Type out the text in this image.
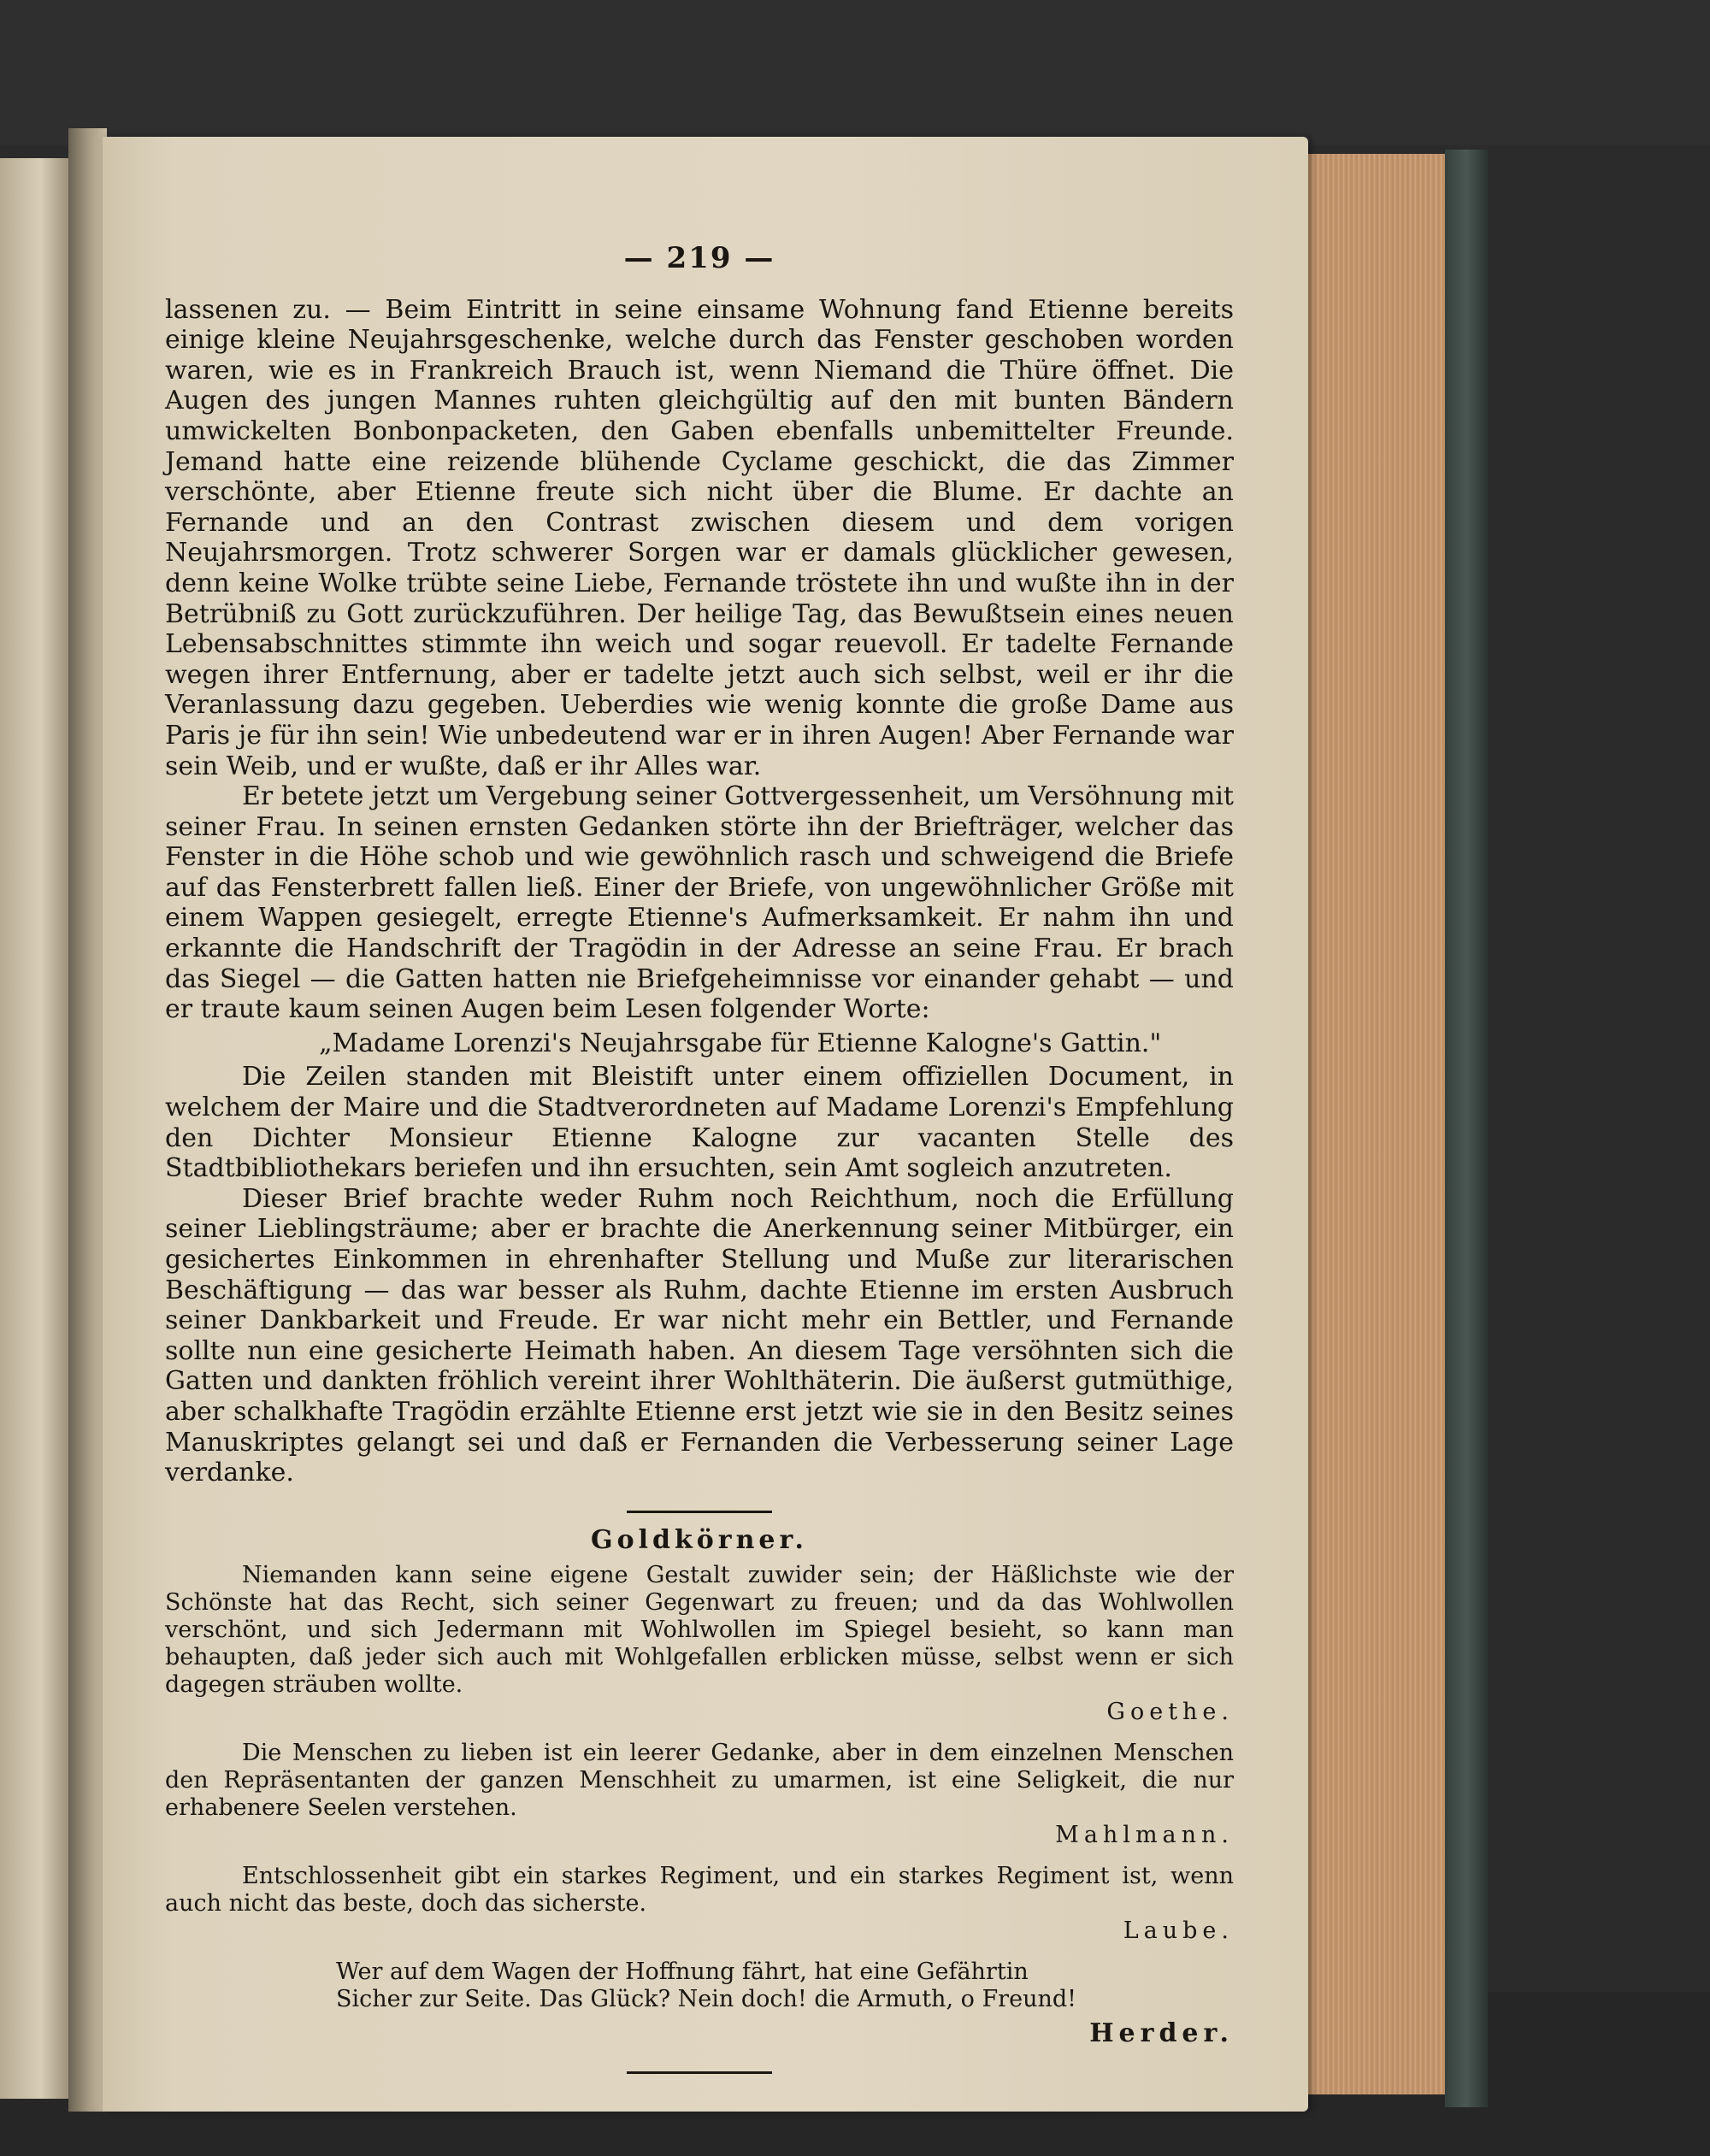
— 219 —

lassenen zu. — Beim Eintritt in seine einsame Wohnung fand Etienne bereits einige kleine Neujahrsgeschenke, welche durch das Fenster geschoben worden waren, wie es in Frankreich Brauch ist, wenn Niemand die Thüre öffnet. Die Augen des jungen Mannes ruhten gleichgültig auf den mit bunten Bändern umwickelten Bonbonpacketen, den Gaben ebenfalls unbemittelter Freunde. Jemand hatte eine reizende blühende Cyclame geschickt, die das Zimmer verschönte, aber Etienne freute sich nicht über die Blume. Er dachte an Fernande und an den Contrast zwischen diesem und dem vorigen Neujahrsmorgen. Trotz schwerer Sorgen war er damals glücklicher gewesen, denn keine Wolke trübte seine Liebe, Fernande tröstete ihn und wußte ihn in der Betrübniß zu Gott zurückzuführen. Der heilige Tag, das Bewußtsein eines neuen Lebensabschnittes stimmte ihn weich und sogar reuevoll. Er tadelte Fernande wegen ihrer Entfernung, aber er tadelte jetzt auch sich selbst, weil er ihr die Veranlassung dazu gegeben. Ueberdies wie wenig konnte die große Dame aus Paris je für ihn sein! Wie unbedeutend war er in ihren Augen! Aber Fernande war sein Weib, und er wußte, daß er ihr Alles war.

Er betete jetzt um Vergebung seiner Gottvergessenheit, um Versöhnung mit seiner Frau. In seinen ernsten Gedanken störte ihn der Briefträger, welcher das Fenster in die Höhe schob und wie gewöhnlich rasch und schweigend die Briefe auf das Fensterbrett fallen ließ. Einer der Briefe, von ungewöhnlicher Größe mit einem Wappen gesiegelt, erregte Etienne's Aufmerksamkeit. Er nahm ihn und erkannte die Handschrift der Tragödin in der Adresse an seine Frau. Er brach das Siegel — die Gatten hatten nie Briefgeheimnisse vor einander gehabt — und er traute kaum seinen Augen beim Lesen folgender Worte:

„Madame Lorenzi's Neujahrsgabe für Etienne Kalogne's Gattin."

Die Zeilen standen mit Bleistift unter einem offiziellen Document, in welchem der Maire und die Stadtverordneten auf Madame Lorenzi's Empfehlung den Dichter Monsieur Etienne Kalogne zur vacanten Stelle des Stadtbibliothekars beriefen und ihn ersuchten, sein Amt sogleich anzutreten.

Dieser Brief brachte weder Ruhm noch Reichthum, noch die Erfüllung seiner Lieblingsträume; aber er brachte die Anerkennung seiner Mitbürger, ein gesichertes Einkommen in ehrenhafter Stellung und Muße zur literarischen Beschäftigung — das war besser als Ruhm, dachte Etienne im ersten Ausbruch seiner Dankbarkeit und Freude. Er war nicht mehr ein Bettler, und Fernande sollte nun eine gesicherte Heimath haben. An diesem Tage versöhnten sich die Gatten und dankten fröhlich vereint ihrer Wohlthäterin. Die äußerst gutmüthige, aber schalkhafte Tragödin erzählte Etienne erst jetzt wie sie in den Besitz seines Manuskriptes gelangt sei und daß er Fernanden die Verbesserung seiner Lage verdanke.

Goldkörner.

Niemanden kann seine eigene Gestalt zuwider sein; der Häßlichste wie der Schönste hat das Recht, sich seiner Gegenwart zu freuen; und da das Wohlwollen verschönt, und sich Jedermann mit Wohlwollen im Spiegel besieht, so kann man behaupten, daß jeder sich auch mit Wohlgefallen erblicken müsse, selbst wenn er sich dagegen sträuben wollte.

Goethe.

Die Menschen zu lieben ist ein leerer Gedanke, aber in dem einzelnen Menschen den Repräsentanten der ganzen Menschheit zu umarmen, ist eine Seligkeit, die nur erhabenere Seelen verstehen.

Mahlmann.

Entschlossenheit gibt ein starkes Regiment, und ein starkes Regiment ist, wenn auch nicht das beste, doch das sicherste.

Laube.

Wer auf dem Wagen der Hoffnung fährt, hat eine Gefährtin

Sicher zur Seite. Das Glück? Nein doch! die Armuth, o Freund!

Herder.
